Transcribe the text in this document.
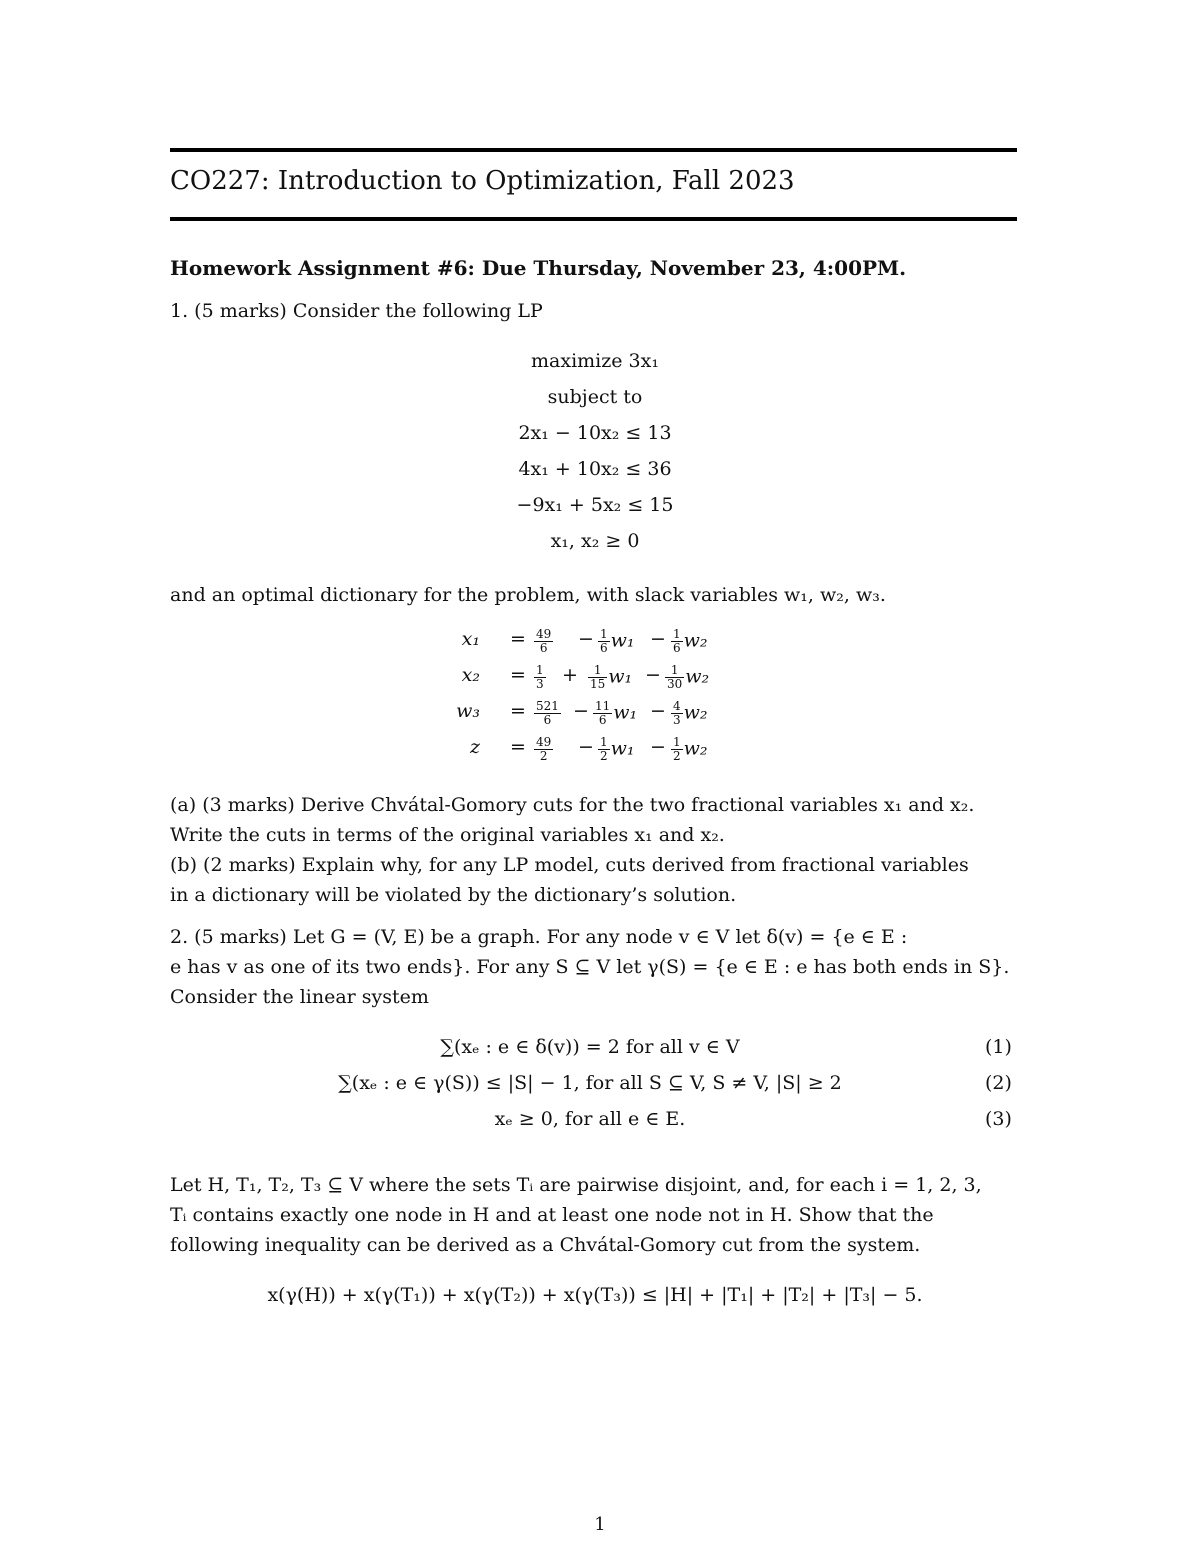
CO227: Introduction to Optimization, Fall 2023
Homework Assignment #6: Due Thursday, November 23, 4:00PM.
1. (5 marks) Consider the following LP
maximize 3x₁
subject to
2x₁ − 10x₂ ≤ 13
4x₁ + 10x₂ ≤ 36
−9x₁ + 5x₂ ≤ 15
x₁, x₂ ≥ 0
and an optimal dictionary for the problem, with slack variables w₁, w₂, w₃.
$x_1 = \frac{49}{6} - \frac{1}{6} w_1 - \frac{1}{6} w_2$
$x_2 = \frac{1}{3} + \frac{1}{15} w_1 - \frac{1}{30} w_2$
$w_3 = \frac{521}{6} - \frac{11}{6} w_1 - \frac{4}{3} w_2$
$z = \frac{49}{2} - \frac{1}{2} w_1 - \frac{1}{2} w_2$
(a) (3 marks) Derive Chvátal-Gomory cuts for the two fractional variables x₁ and x₂.
Write the cuts in terms of the original variables x₁ and x₂.
(b) (2 marks) Explain why, for any LP model, cuts derived from fractional variables
in a dictionary will be violated by the dictionary’s solution.
2. (5 marks) Let G = (V, E) be a graph. For any node v ∈ V let δ(v) = {e ∈ E :
e has v as one of its two ends}. For any S ⊆ V let γ(S) = {e ∈ E : e has both ends in S}.
Consider the linear system
∑(xₑ : e ∈ δ(v)) = 2 for all v ∈ V	(1)
∑(xₑ : e ∈ γ(S)) ≤ |S| − 1, for all S ⊆ V, S ≠ V, |S| ≥ 2	(2)
xₑ ≥ 0, for all e ∈ E.	(3)
Let H, T₁, T₂, T₃ ⊆ V where the sets Tᵢ are pairwise disjoint, and, for each i = 1, 2, 3,
Tᵢ contains exactly one node in H and at least one node not in H. Show that the
following inequality can be derived as a Chvátal-Gomory cut from the system.
x(γ(H)) + x(γ(T₁)) + x(γ(T₂)) + x(γ(T₃)) ≤ |H| + |T₁| + |T₂| + |T₃| − 5.
1
